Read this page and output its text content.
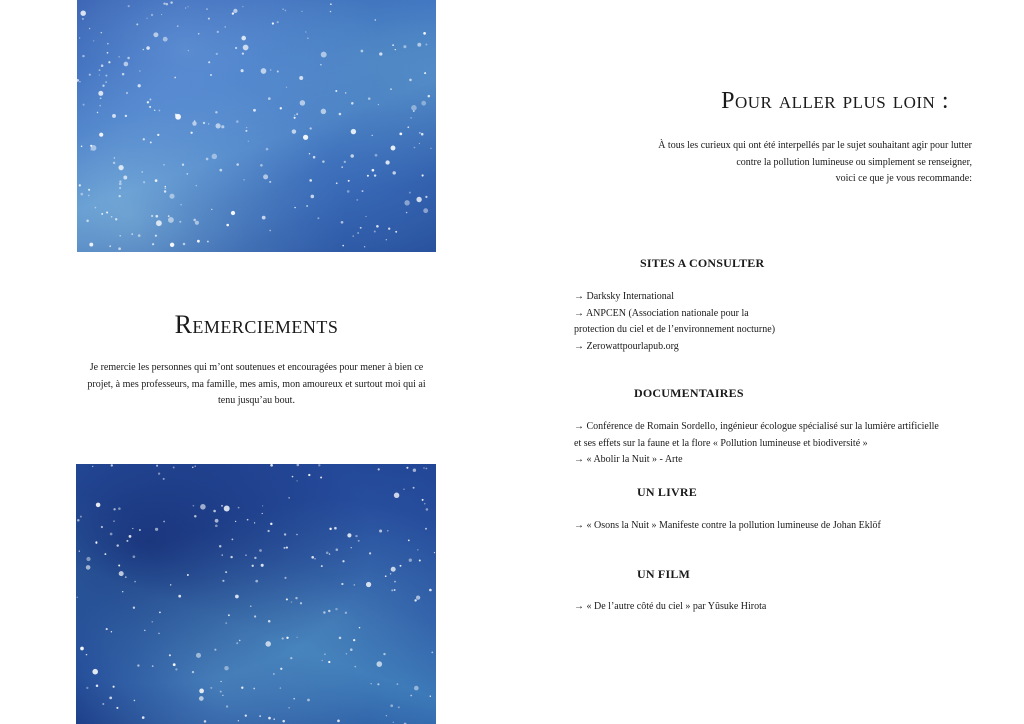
Remerciements

Je remercie les personnes qui m’ont soutenues et encouragées pour mener à bien ce projet, à mes professeurs, ma famille, mes amis, mon amoureux et surtout moi qui ai tenu jusqu’au bout.

Pour aller plus loin :

À tous les curieux qui ont été interpellés par le sujet souhaitant agir pour lutter
contre la pollution lumineuse ou simplement se renseigner,
voici ce que je vous recommande:

SITES A CONSULTER
→ Darksky International
→ ANPCEN (Association nationale pour la
protection du ciel et de l’environnement nocturne)
→ Zerowattpourlapub.org
DOCUMENTAIRES
→ Conférence de Romain Sordello, ingénieur écologue spécialisé sur la lumière artificielle
et ses effets sur la faune et la flore « Pollution lumineuse et biodiversité »
→ « Abolir la Nuit » - Arte
UN LIVRE
→ « Osons la Nuit » Manifeste contre la pollution lumineuse de Johan Eklöf
UN FILM
→ « De l’autre côté du ciel » par Yûsuke Hirota
